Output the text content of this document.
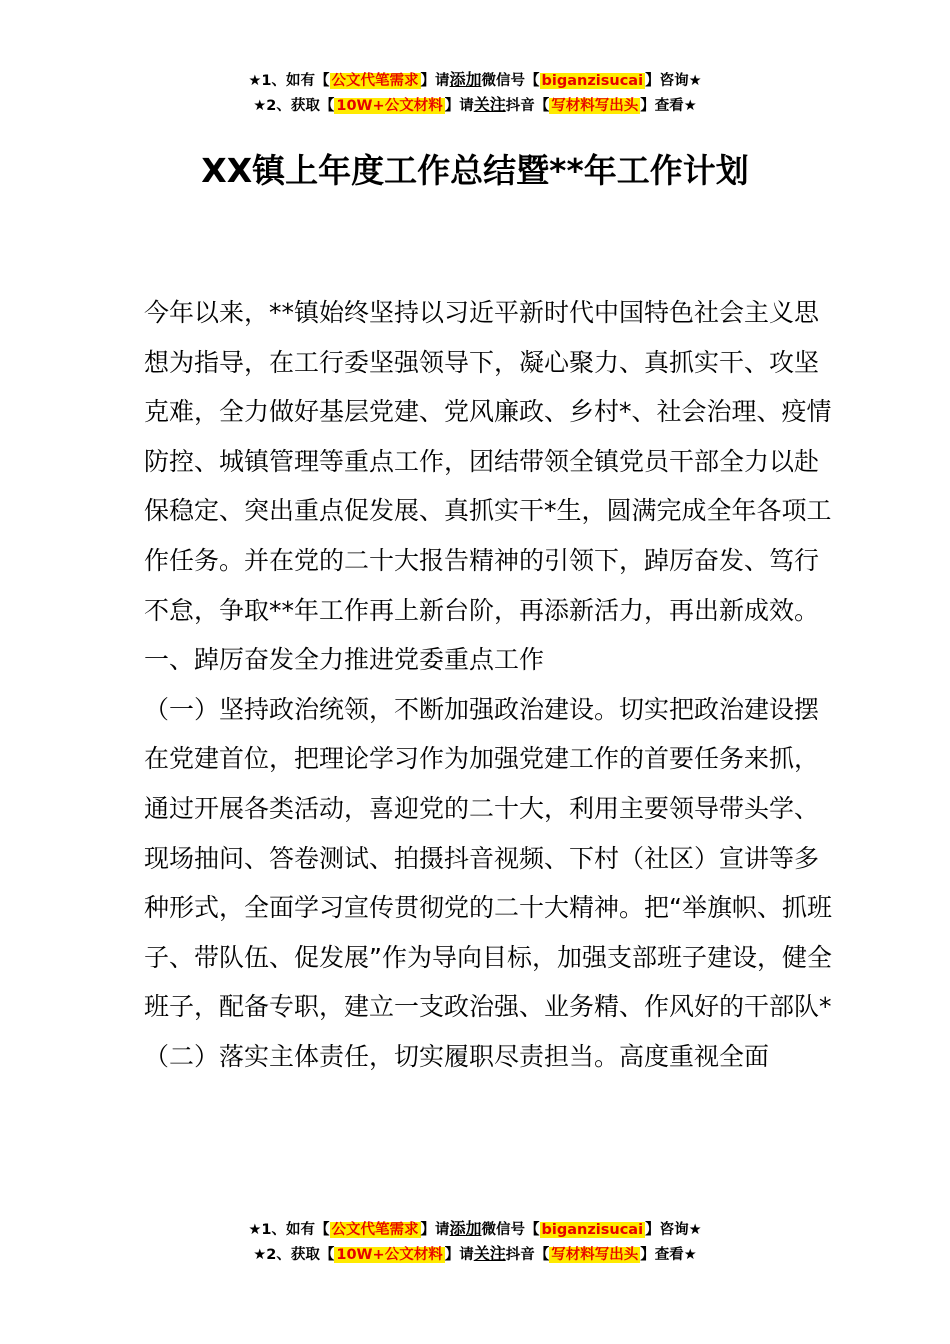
★1、如有【 公文代笔需求 】请添加微信号【 biganzisucai 】咨询★
★2、获取【 10W+公文材料 】请关注抖音【 写材料写出头 】查看★
XX镇上年度工作总结暨**年工作计划

今年以来，**镇始终坚持以习近平新时代中国特色社会主义思想为指导，在工行委坚强领导下，凝心聚力、真抓实干、攻坚克难，全力做好基层党建、党风廉政、乡村*、社会治理、疫情防控、城镇管理等重点工作，团结带领全镇党员干部全力以赴保稳定、突出重点促发展、真抓实干*生，圆满完成全年各项工作任务。并在党的二十大报告精神的引领下，踔厉奋发、笃行不怠，争取**年工作再上新台阶，再添新活力，再出新成效。

一、踔厉奋发全力推进党委重点工作

（一）坚持政治统领，不断加强政治建设。切实把政治建设摆在党建首位，把理论学习作为加强党建工作的首要任务来抓，通过开展各类活动，喜迎党的二十大，利用主要领导带头学、现场抽问、答卷测试、拍摄抖音视频、下村（社区）宣讲等多种形式，全面学习宣传贯彻党的二十大精神。把“举旗帜、抓班子、带队伍、促发展”作为导向目标，加强支部班子建设，健全班子，配备专职，建立一支政治强、业务精、作风好的干部队*

（二）落实主体责任，切实履职尽责担当。高度重视全面

★1、如有【 公文代笔需求 】请添加微信号【 biganzisucai 】咨询★
★2、获取【 10W+公文材料 】请关注抖音【 写材料写出头 】查看★
